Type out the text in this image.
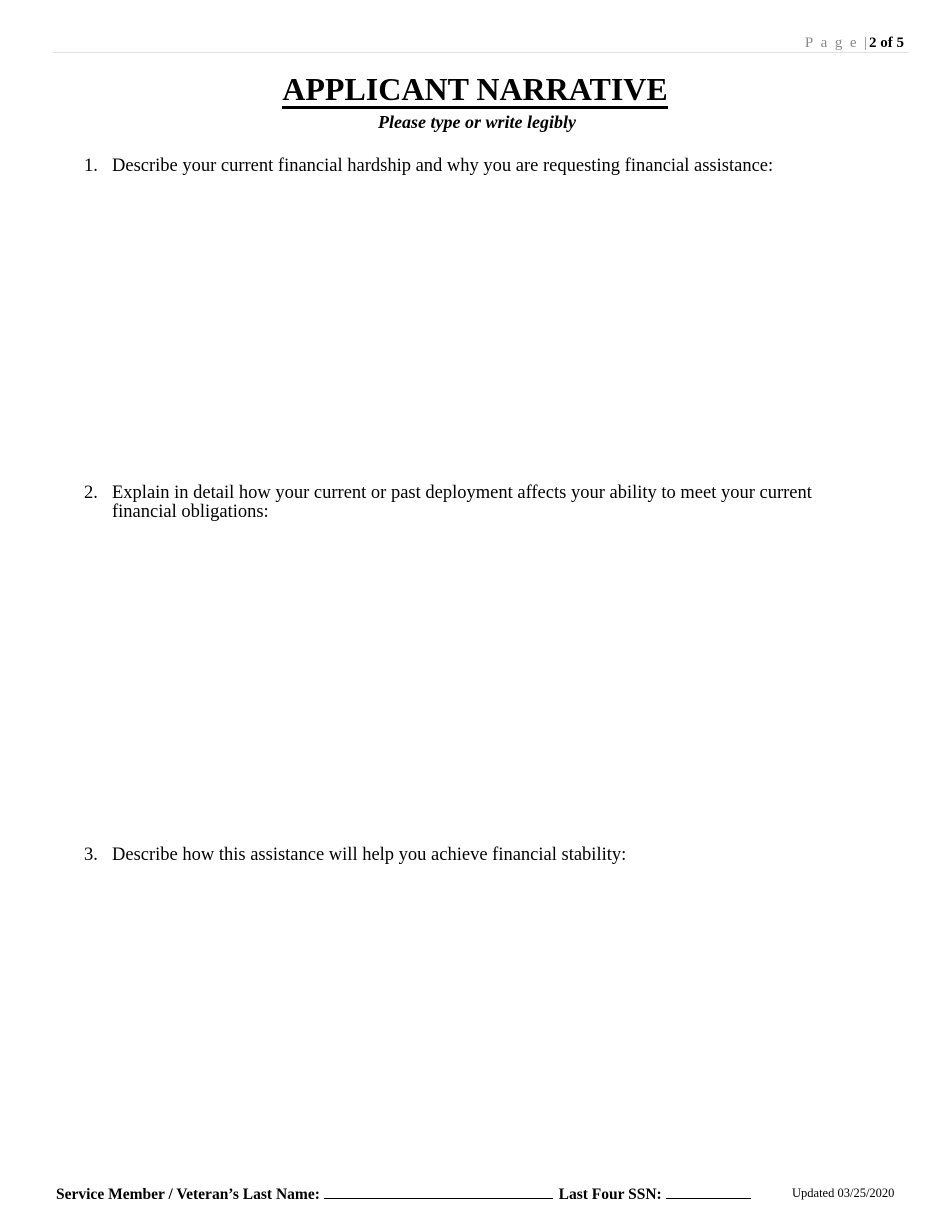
Page| 2 of 5
APPLICANT NARRATIVE
Please type or write legibly
1. Describe your current financial hardship and why you are requesting financial assistance:
2. Explain in detail how your current or past deployment affects your ability to meet your current financial obligations:
3. Describe how this assistance will help you achieve financial stability:
Service Member / Veteran’s Last Name:	Last Four SSN:	Updated 03/25/2020
